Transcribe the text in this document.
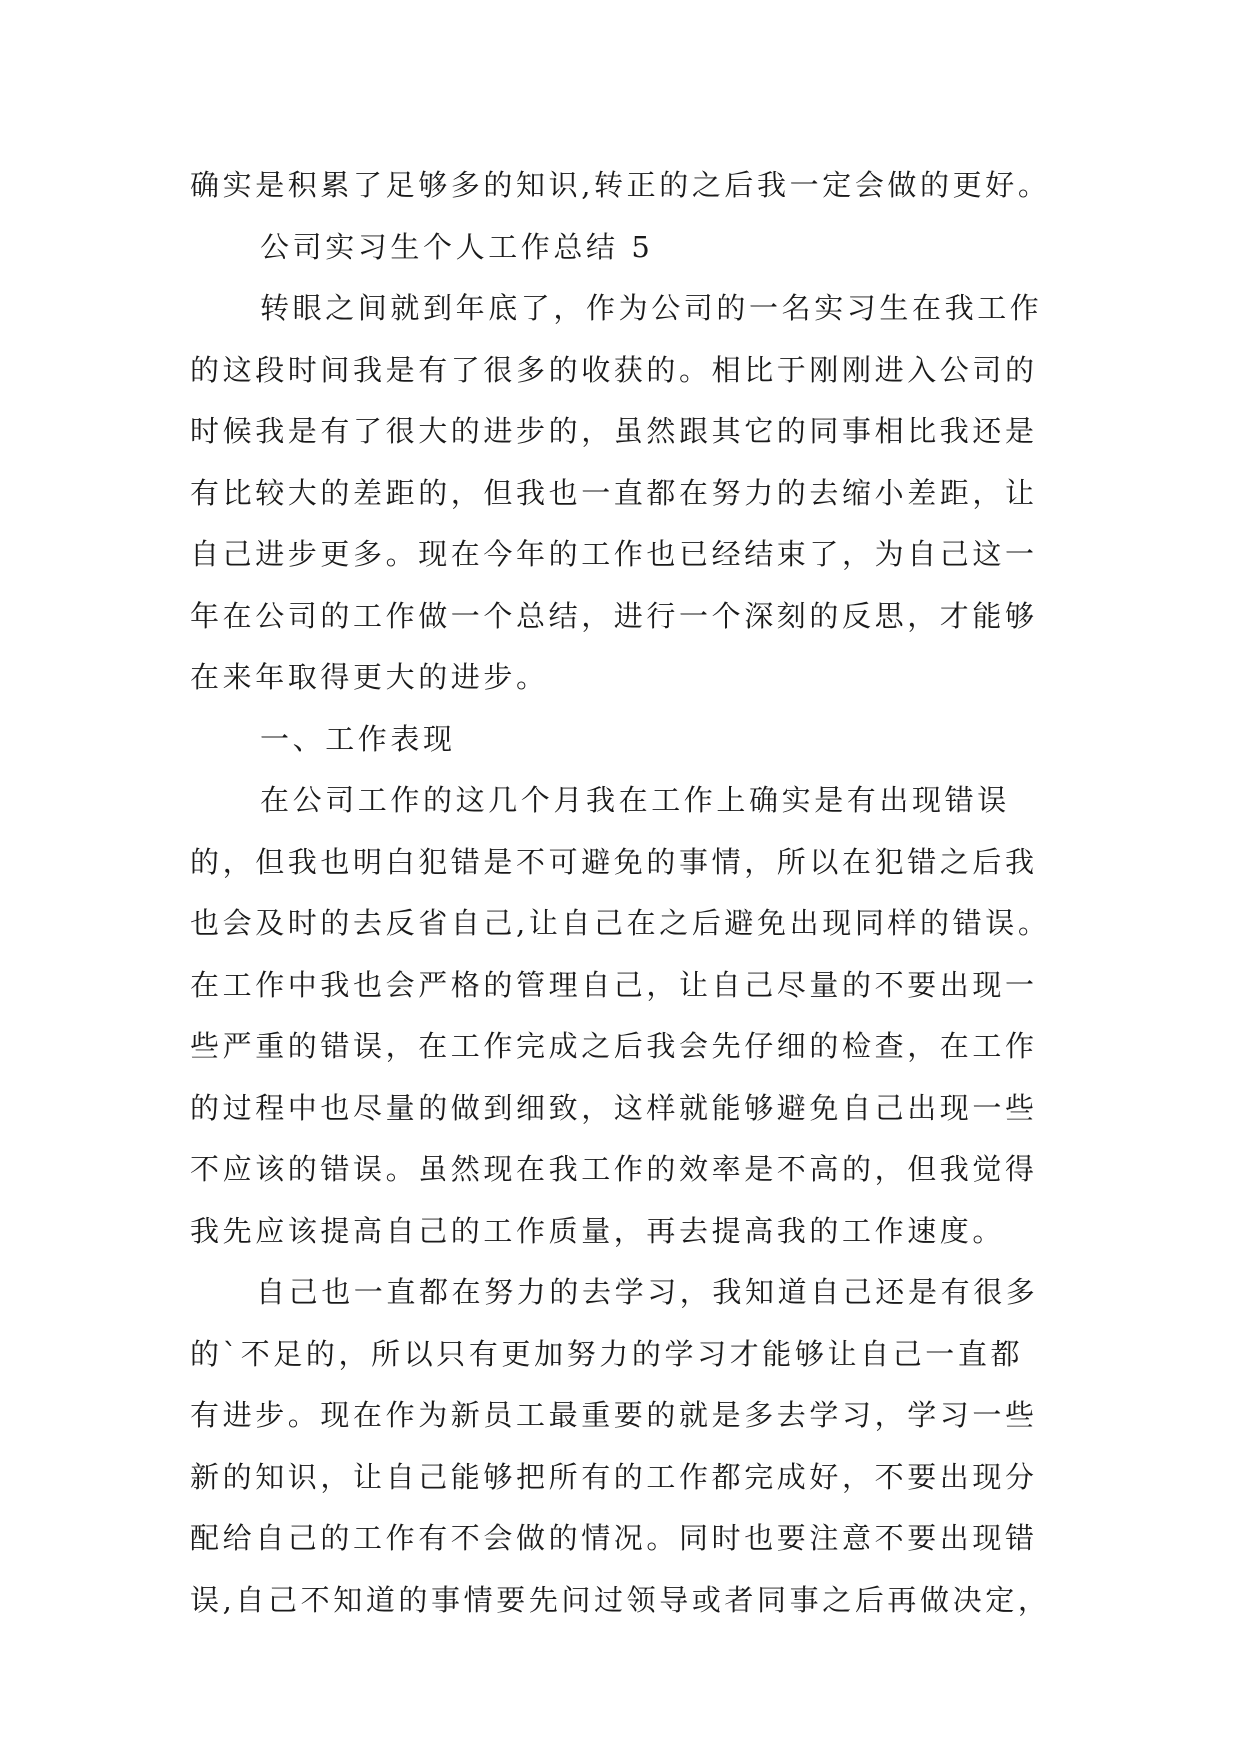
确实是积累了足够多的知识,转正的之后我一定会做的更好。
公司实习生个人工作总结 5
转眼之间就到年底了，作为公司的一名实习生在我工作
的这段时间我是有了很多的收获的。相比于刚刚进入公司的
时候我是有了很大的进步的，虽然跟其它的同事相比我还是
有比较大的差距的，但我也一直都在努力的去缩小差距，让
自己进步更多。现在今年的工作也已经结束了，为自己这一
年在公司的工作做一个总结，进行一个深刻的反思，才能够
在来年取得更大的进步。
一、工作表现
在公司工作的这几个月我在工作上确实是有出现错误
的，但我也明白犯错是不可避免的事情，所以在犯错之后我
也会及时的去反省自己,让自己在之后避免出现同样的错误。
在工作中我也会严格的管理自己，让自己尽量的不要出现一
些严重的错误，在工作完成之后我会先仔细的检查，在工作
的过程中也尽量的做到细致，这样就能够避免自己出现一些
不应该的错误。虽然现在我工作的效率是不高的，但我觉得
我先应该提高自己的工作质量，再去提高我的工作速度。
自己也一直都在努力的去学习，我知道自己还是有很多
的`不足的，所以只有更加努力的学习才能够让自己一直都
有进步。现在作为新员工最重要的就是多去学习，学习一些
新的知识，让自己能够把所有的工作都完成好，不要出现分
配给自己的工作有不会做的情况。同时也要注意不要出现错
误,自己不知道的事情要先问过领导或者同事之后再做决定，
